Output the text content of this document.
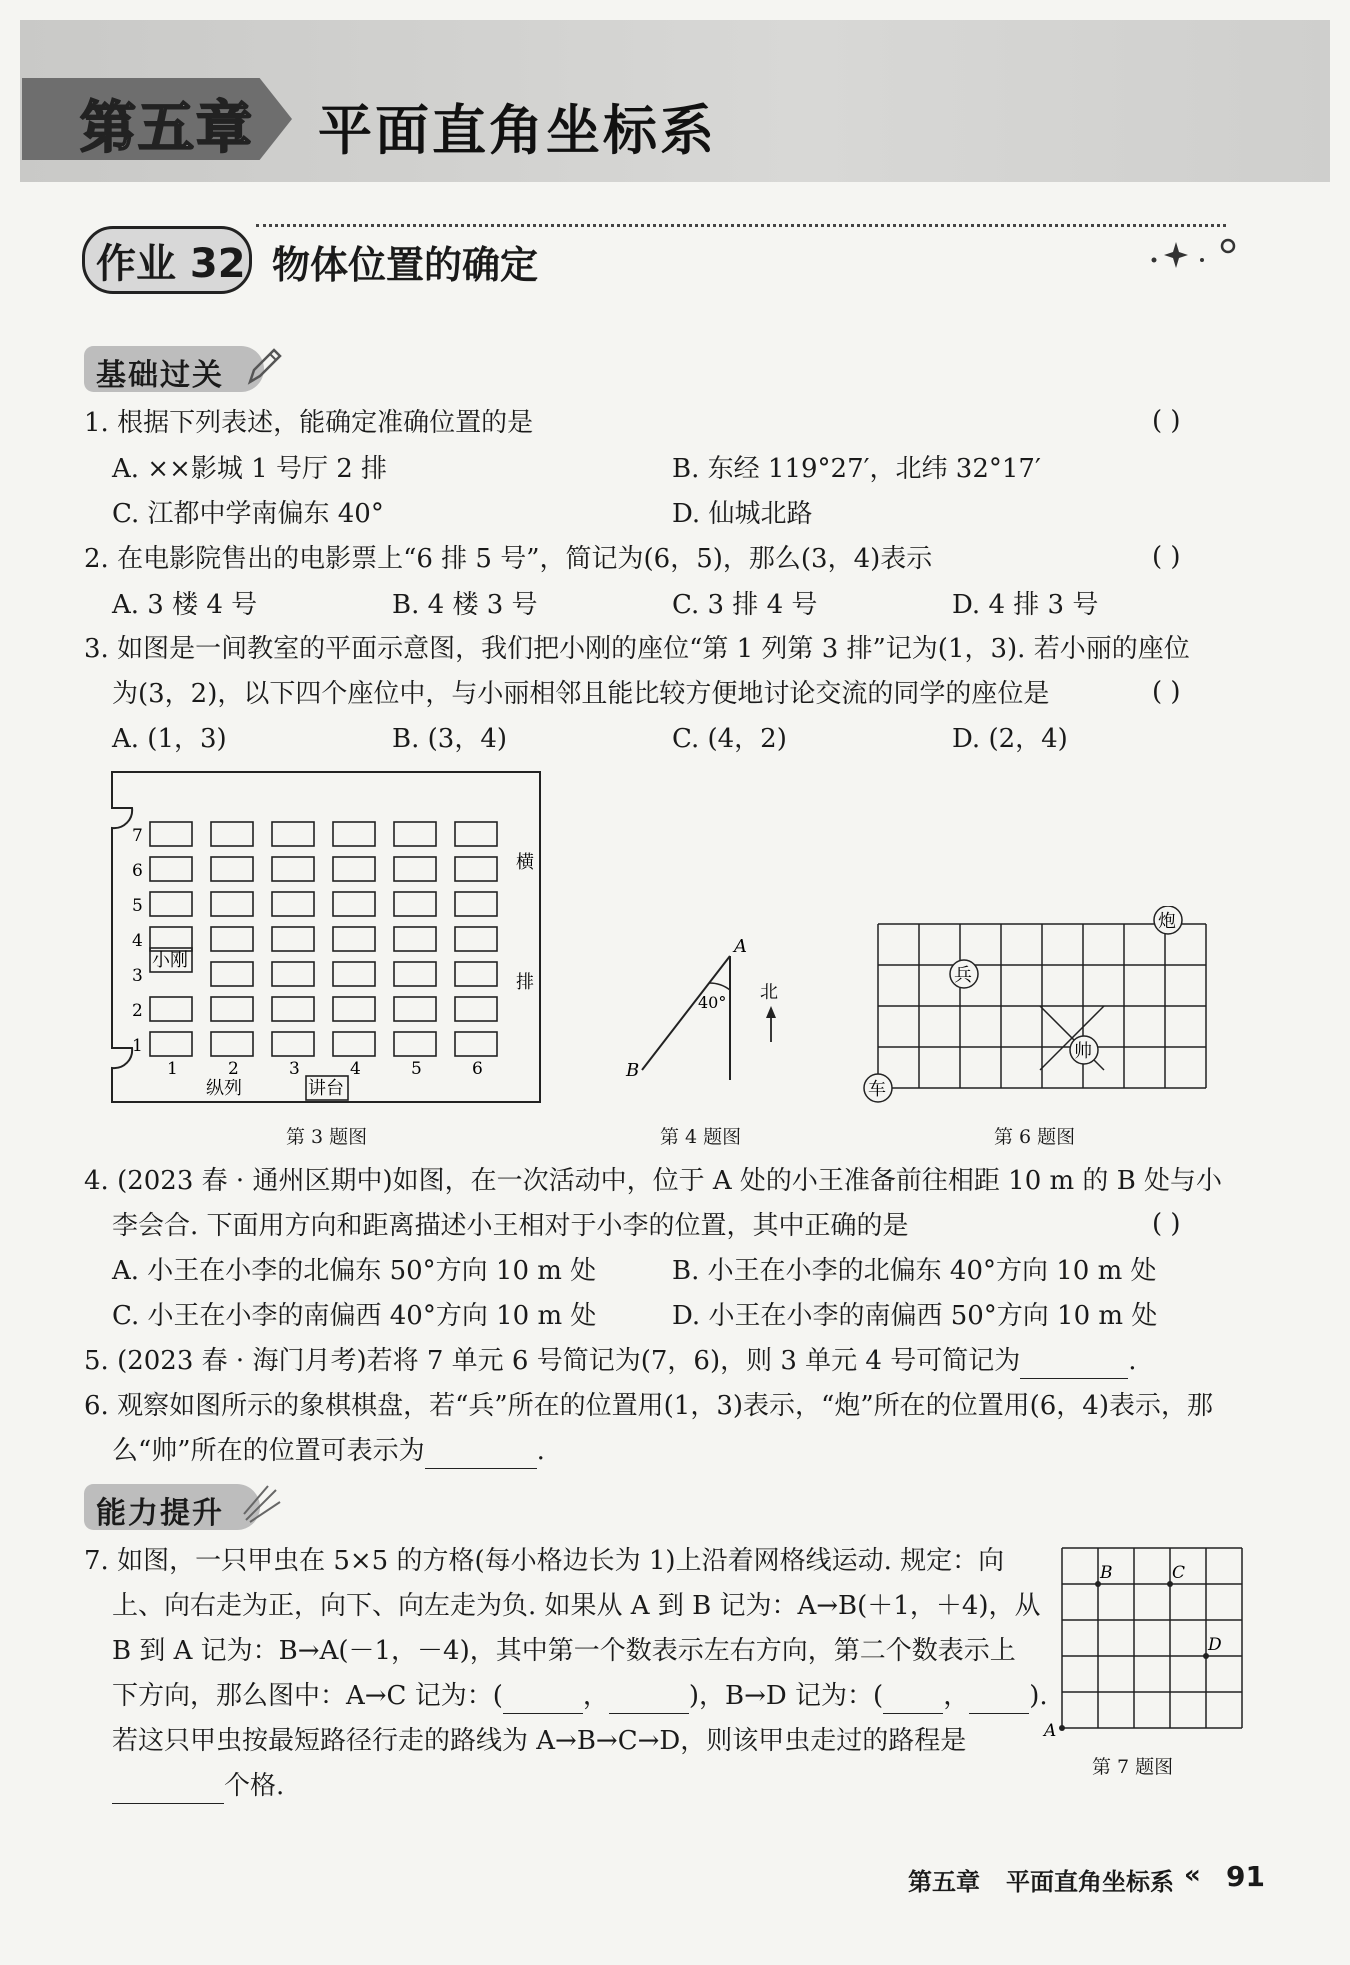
第五章 平面直角坐标系
作业 32 物体位置的确定
基础过关
1. 根据下列表述，能确定准确位置的是	( )
A. ××影城 1 号厅 2 排	B. 东经 119°27′，北纬 32°17′
C. 江都中学南偏东 40°	D. 仙城北路
2. 在电影院售出的电影票上“6 排 5 号”，简记为(6，5)，那么(3，4)表示	( )
A. 3 楼 4 号	B. 4 楼 3 号	C. 3 排 4 号	D. 4 排 3 号
3. 如图是一间教室的平面示意图，我们把小刚的座位“第 1 列第 3 排”记为(1，3). 若小丽的座位
为(3，2)，以下四个座位中，与小丽相邻且能比较方便地讨论交流的同学的座位是	( )
A. (1，3)	B. (3，4)	C. (4，2)	D. (2，4)
1
2
3
4
5
6
7
1	2	3	4	5	6
小刚
纵列	讲台
横
排
第 3 题图
A
B
40° 北
第 4 题图
兵
炮
帅
车
第 6 题图
4. (2023 春 · 通州区期中)如图，在一次活动中，位于 A 处的小王准备前往相距 10 m 的 B 处与小
李会合. 下面用方向和距离描述小王相对于小李的位置，其中正确的是	( )
A. 小王在小李的北偏东 50°方向 10 m 处	B. 小王在小李的北偏东 40°方向 10 m 处
C. 小王在小李的南偏西 40°方向 10 m 处	D. 小王在小李的南偏西 50°方向 10 m 处
5. (2023 春 · 海门月考)若将 7 单元 6 号简记为(7，6)，则 3 单元 4 号可简记为	.
6. 观察如图所示的象棋棋盘，若“兵”所在的位置用(1，3)表示，“炮”所在的位置用(6，4)表示，那
么“帅”所在的位置可表示为	.
能力提升
7. 如图，一只甲虫在 5×5 的方格(每小格边长为 1)上沿着网格线运动. 规定：向
上、向右走为正，向下、向左走为负. 如果从 A 到 B 记为：A→B(＋1，＋4)，从
B 到 A 记为：B→A(－1，－4)，其中第一个数表示左右方向，第二个数表示上
下方向，那么图中：A→C 记为：(	，	)，B→D 记为：( ， ).
若这只甲虫按最短路径行走的路线为 A→B→C→D，则该甲虫走过的路程是
个格.
A
B	C
D
第 7 题图
第五章 平面直角坐标系 « 91
